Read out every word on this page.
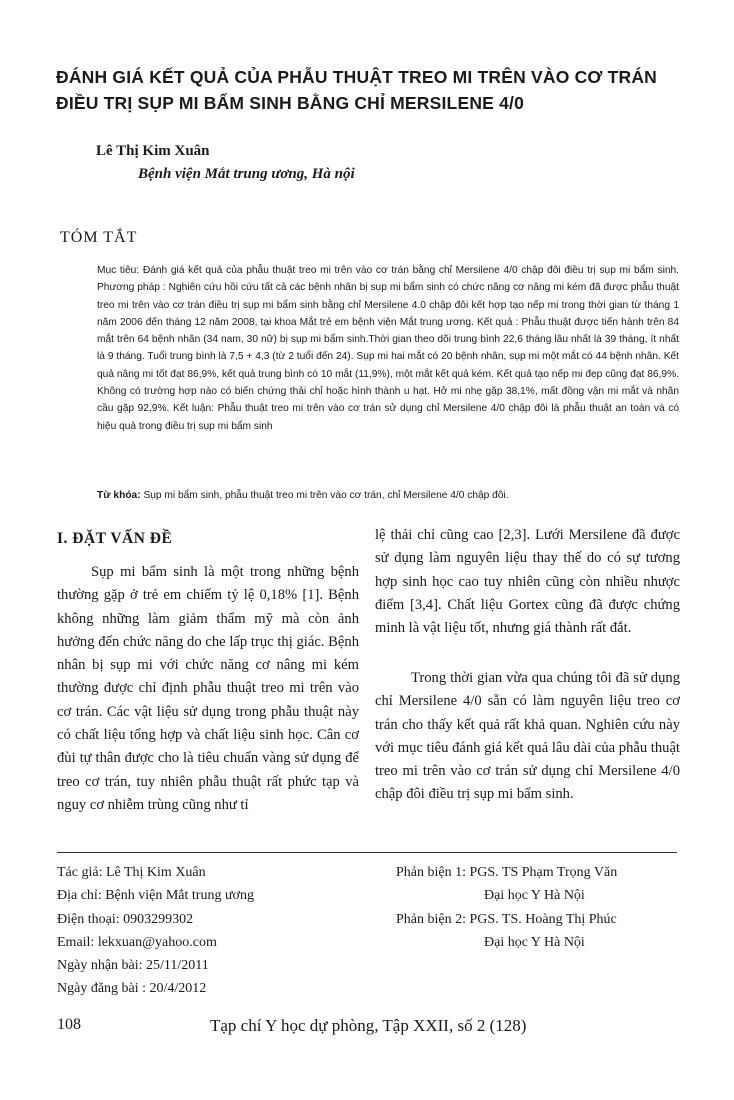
ĐÁNH GIÁ KẾT QUẢ CỦA PHẪU THUẬT TREO MI TRÊN VÀO CƠ TRÁN
ĐIỀU TRỊ SỤP MI BẨM SINH BẰNG CHỈ MERSILENE 4/0
Lê Thị Kim Xuân
Bệnh viện Mắt trung ương, Hà nội
TÓM TẮT

Mục tiêu: Đánh giá kết quả của phẫu thuật treo mi trên vào cơ trán bằng chỉ Mersilene 4/0 chập đôi điều trị sụp mi bẩm sinh. Phương pháp : Nghiên cứu hồi cứu tất cả các bệnh nhân bị sụp mi bẩm sinh có chức năng cơ nâng mi kém đã được phẫu thuật treo mi trên vào cơ trán điều trị sụp mi bẩm sinh bằng chỉ Mersilene 4.0 chập đôi kết hợp tạo nếp mi trong thời gian từ tháng 1 năm 2006 đến tháng 12 năm 2008, tại khoa Mắt trẻ em bệnh viện Mắt trung ương. Kết quả : Phẫu thuật được tiến hành trên 84 mắt trên 64 bệnh nhân (34 nam, 30 nữ) bị sụp mi bẩm sinh.Thời gian theo dõi trung bình 22,6 tháng lâu nhất là 39 tháng, ít nhất là 9 tháng. Tuổi trung bình là 7,5 + 4,3 (từ 2 tuổi đến 24). Sụp mi hai mắt có 20 bệnh nhân, sụp mi một mắt có 44 bệnh nhân. Kết quả nâng mi tốt đạt 86,9%, kết quả trung bình có 10 mắt (11,9%), một mắt kết quả kém. Kết quả tạo nếp mi đẹp cũng đạt 86,9%. Không có trường hợp nào có biến chứng thải chỉ hoặc hình thành u hạt. Hở mi nhẹ gặp 38,1%, mất đồng vận mi mắt và nhãn cầu gặp 92,9%. Kết luận: Phẫu thuật treo mi trên vào cơ trán sử dụng chỉ Mersilene 4/0 chập đôi là phẫu thuật an toàn và có hiệu quả trong điều trị sụp mi bẩm sinh

Từ khóa: Sụp mi bẩm sinh, phẫu thuật treo mi trên vào cơ trán, chỉ Mersilene 4/0 chập đôi.

I. ĐẶT VẤN ĐỀ

Sụp mi bẩm sinh là một trong những bệnh thường gặp ở trẻ em chiếm tỷ lệ 0,18% [1]. Bệnh không những làm giảm thẩm mỹ mà còn ảnh hưởng đến chức năng do che lấp trục thị giác. Bệnh nhân bị sụp mi với chức năng cơ nâng mi kém thường được chỉ định phẫu thuật treo mi trên vào cơ trán. Các vật liệu sử dụng trong phẫu thuật này có chất liệu tổng hợp và chất liệu sinh học. Cân cơ đùi tự thân được cho là tiêu chuẩn vàng sử dụng để treo cơ trán, tuy nhiên phẫu thuật rất phức tạp và nguy cơ nhiễm trùng cũng như tỉ

lệ thải chỉ cũng cao [2,3]. Lưới Mersilene đã được sử dụng làm nguyên liệu thay thế do có sự tương hợp sinh học cao tuy nhiên cũng còn nhiều nhược điểm [3,4]. Chất liệu Gortex cũng đã được chứng minh là vật liệu tốt, nhưng giá thành rất đắt.

Trong thời gian vừa qua chúng tôi đã sử dụng chỉ Mersilene 4/0 sẵn có làm nguyên liệu treo cơ trán cho thấy kết quả rất khả quan. Nghiên cứu này với mục tiêu đánh giá kết quả lâu dài của phẫu thuật treo mi trên vào cơ trán sử dụng chỉ Mersilene 4/0 chập đôi điều trị sụp mi bẩm sinh.

Tác giả: Lê Thị Kim Xuân
Địa chỉ: Bệnh viện Mắt trung ương
Điện thoại: 0903299302
Email: lekxuan@yahoo.com
Ngày nhận bài: 25/11/2011
Ngày đăng bài : 20/4/2012
Phản biện 1: PGS. TS Phạm Trọng Văn
Đại học Y Hà Nội
Phản biện 2: PGS. TS. Hoàng Thị Phúc
Đại học Y Hà Nội
108	Tạp chí Y học dự phòng, Tập XXII, số 2 (128)
